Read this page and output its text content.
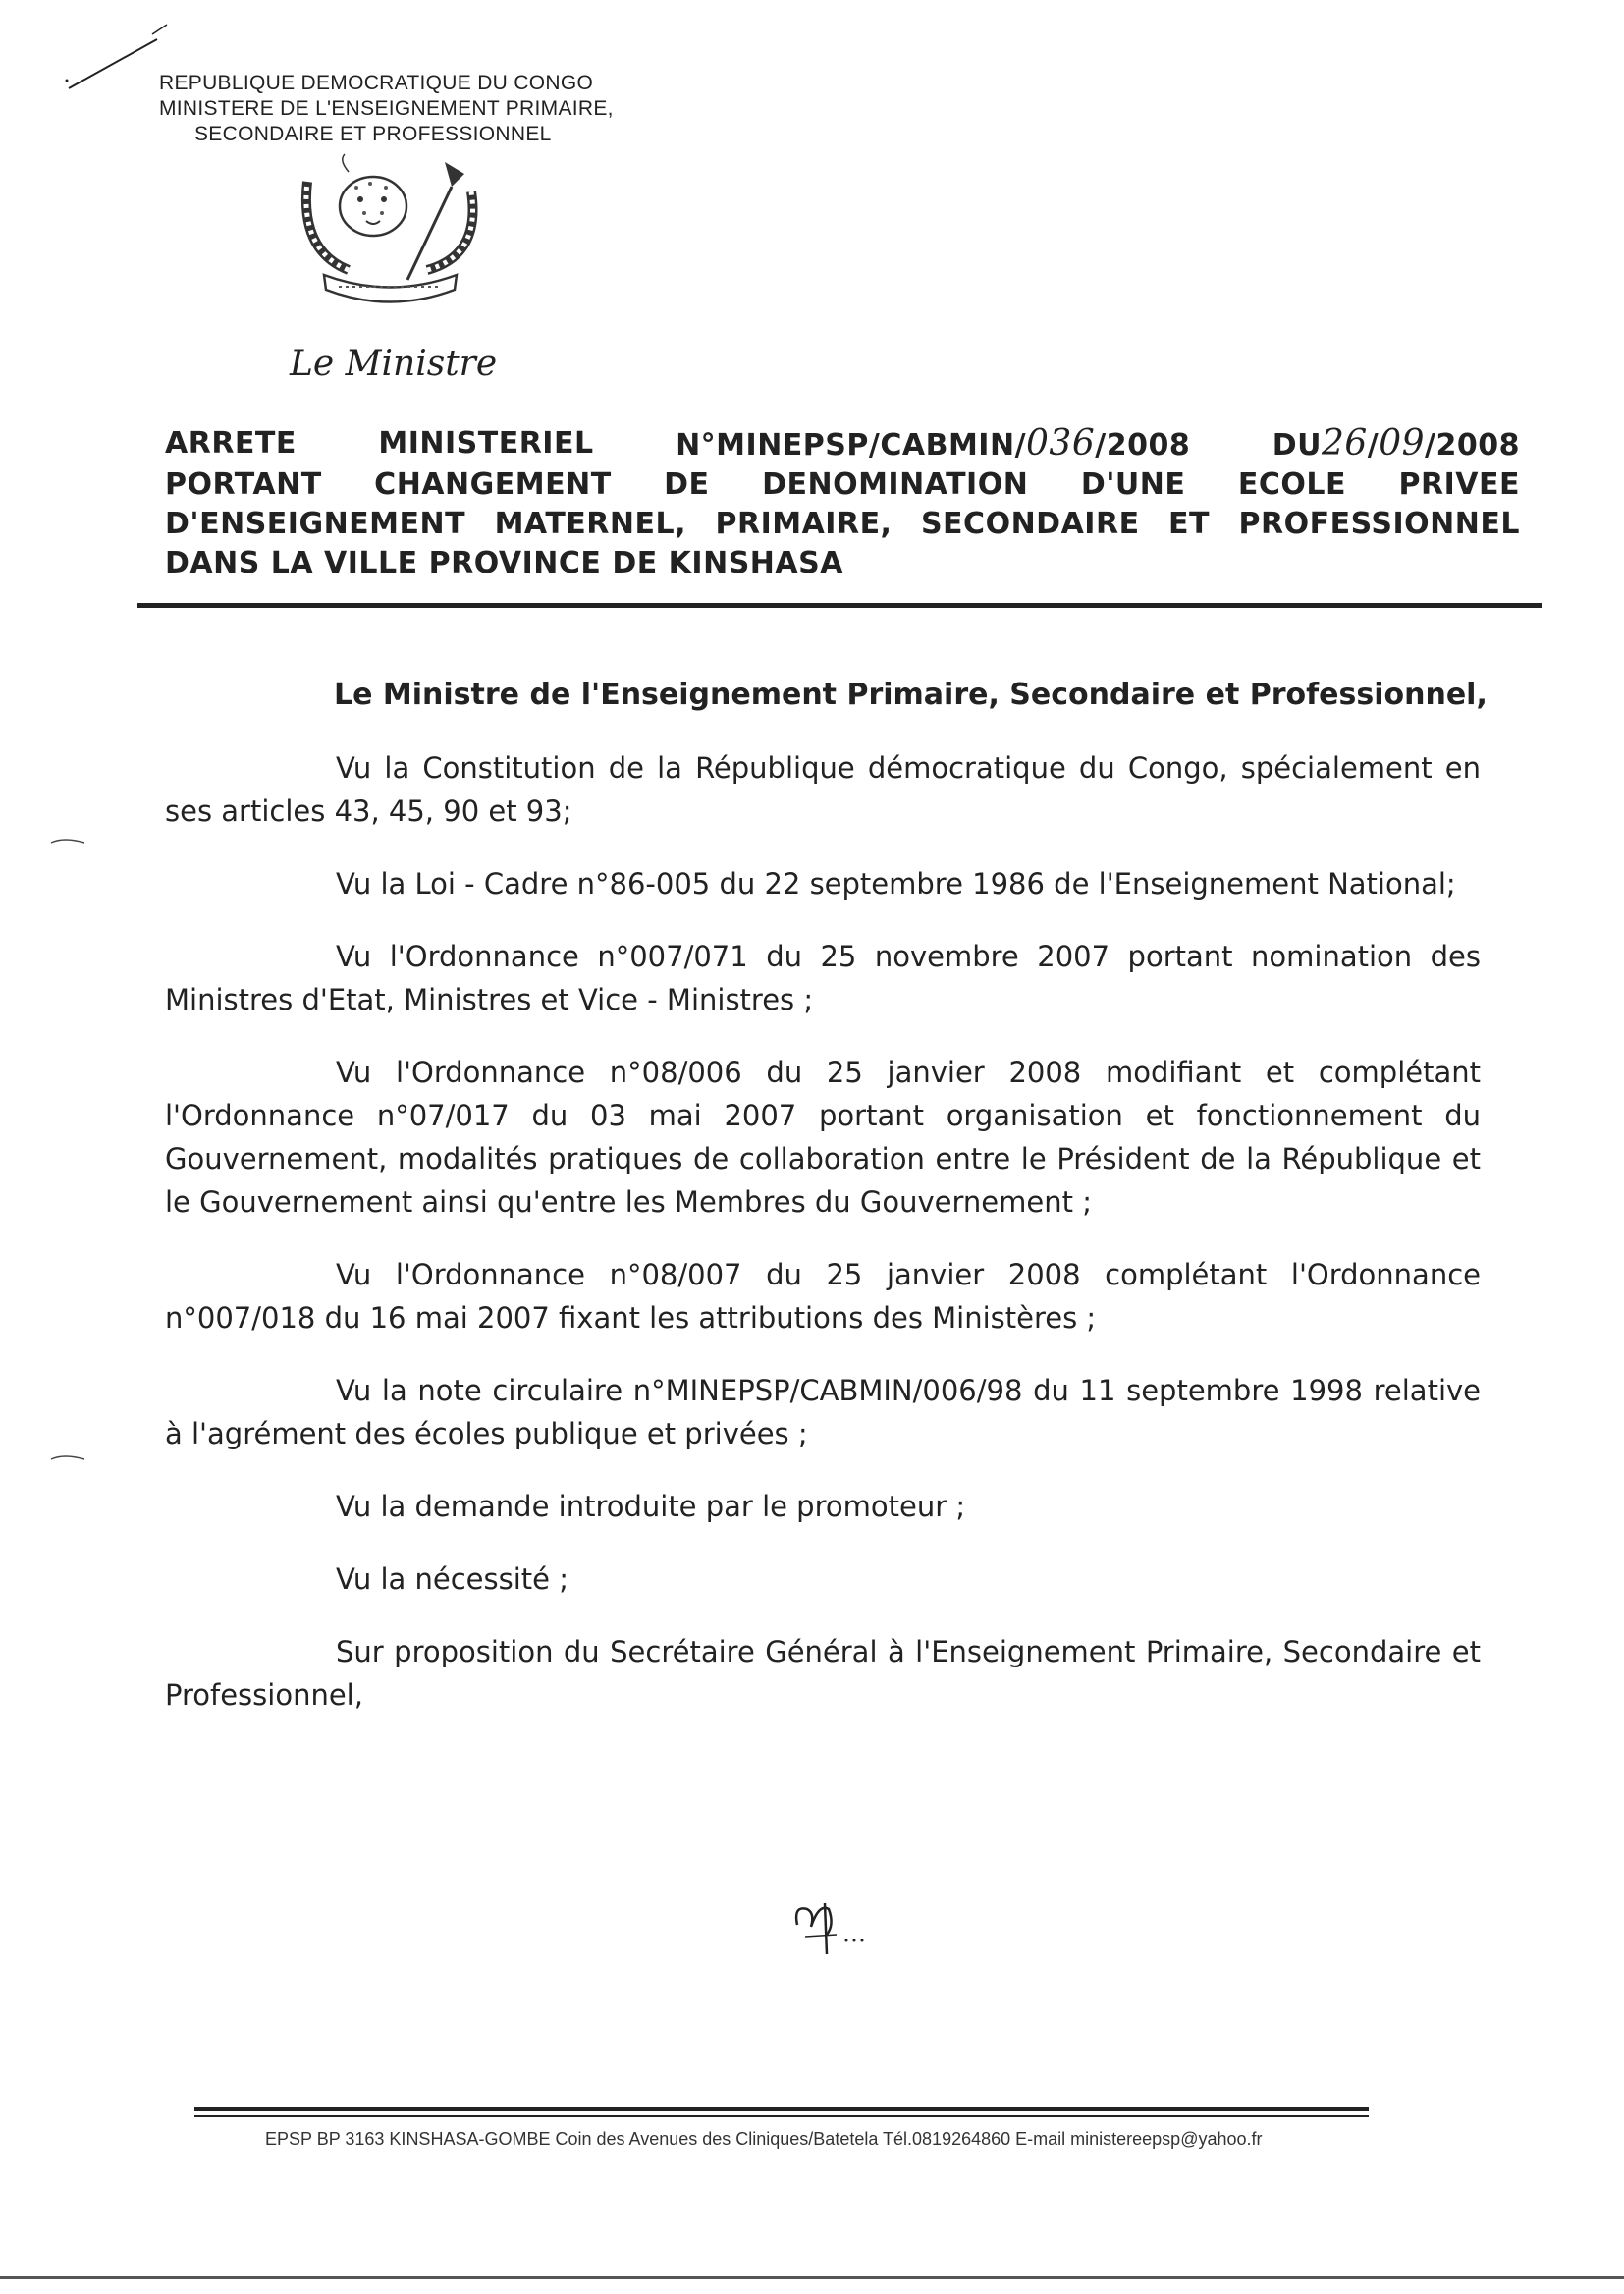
REPUBLIQUE DEMOCRATIQUE DU CONGO
MINISTERE DE L'ENSEIGNEMENT PRIMAIRE,
SECONDAIRE ET PROFESSIONNEL
Le Ministre
ARRETE	MINISTERIEL	N°MINEPSP/CABMIN/036/2008	DU26/09/2008
PORTANT CHANGEMENT DE DENOMINATION D'UNE ECOLE PRIVEE
D'ENSEIGNEMENT MATERNEL, PRIMAIRE, SECONDAIRE ET PROFESSIONNEL
DANS LA VILLE PROVINCE DE KINSHASA
Le Ministre de l'Enseignement Primaire, Secondaire et Professionnel,

Vu la Constitution de la République démocratique du Congo, spécialement en ses articles 43, 45, 90 et 93;

Vu la Loi - Cadre n°86-005 du 22 septembre 1986 de l'Enseignement National;

Vu l'Ordonnance n°007/071 du 25 novembre 2007 portant nomination des Ministres d'Etat, Ministres et Vice - Ministres ;

Vu l'Ordonnance n°08/006 du 25 janvier 2008 modifiant et complétant l'Ordonnance n°07/017 du 03 mai 2007 portant organisation et fonctionnement du Gouvernement, modalités pratiques de collaboration entre le Président de la République et le Gouvernement ainsi qu'entre les Membres du Gouvernement ;

Vu l'Ordonnance n°08/007 du 25 janvier 2008 complétant l'Ordonnance n°007/018 du 16 mai 2007 fixant les attributions des Ministères ;

Vu la note circulaire n°MINEPSP/CABMIN/006/98 du 11 septembre 1998 relative à l'agrément des écoles publique et privées ;

Vu la demande introduite par le promoteur ;

Vu la nécessité ;

Sur proposition du Secrétaire Général à l'Enseignement Primaire, Secondaire et Professionnel,

EPSP BP 3163 KINSHASA-GOMBE Coin des Avenues des Cliniques/Batetela Tél.0819264860 E-mail ministereepsp@yahoo.fr
